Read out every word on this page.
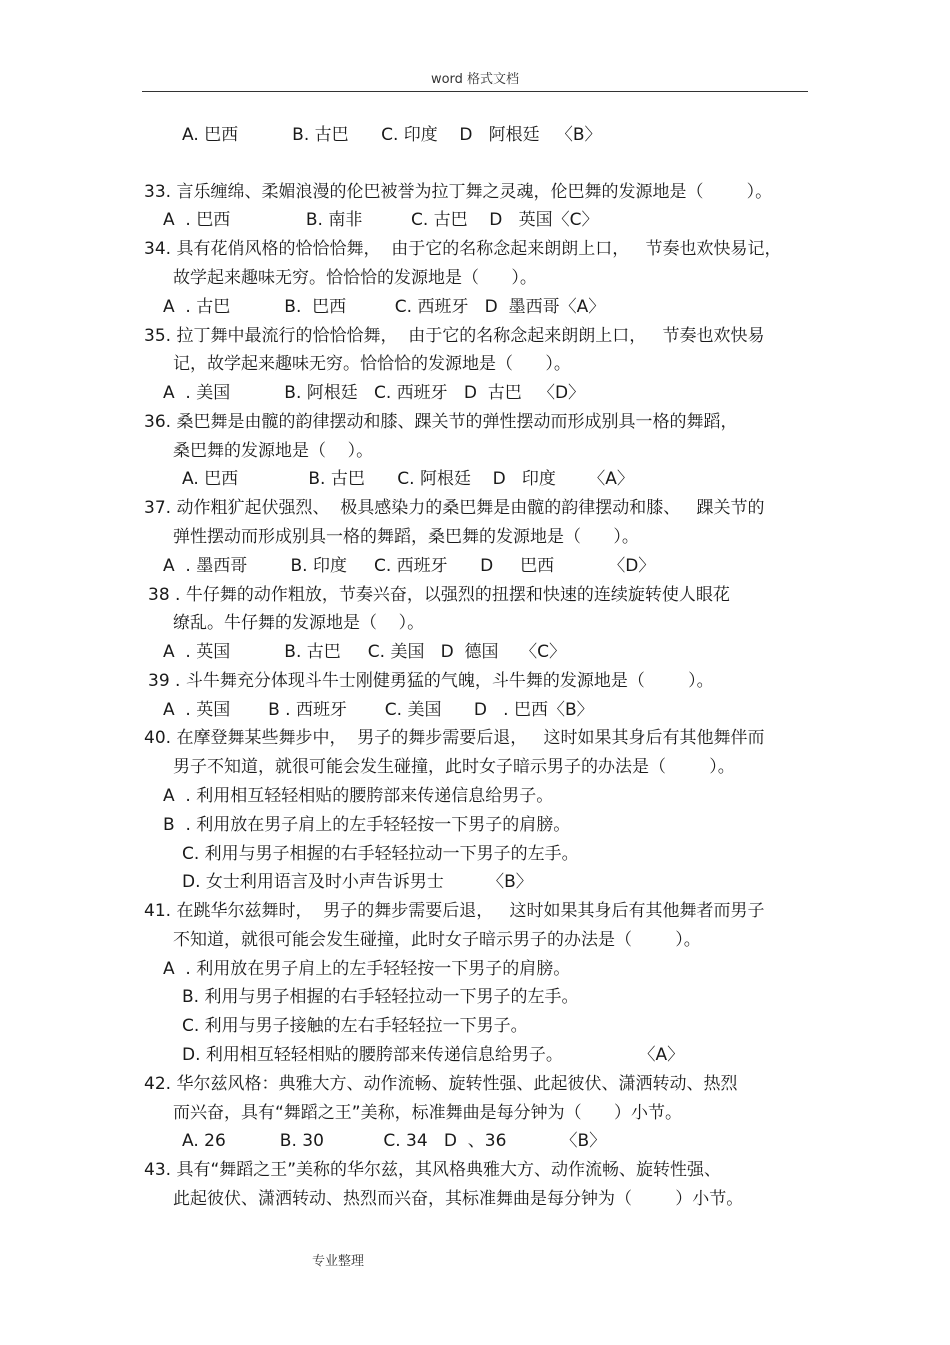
word 格式文档
A. 巴西          B. 古巴      C. 印度    D   阿根廷   〈B〉
33. 言乐缠绵、柔媚浪漫的伦巴被誉为拉丁舞之灵魂，伦巴舞的发源地是（        ）。
A  . 巴西              B. 南非         C. 古巴    D   英国〈C〉
34. 具有花俏风格的恰恰恰舞，  由于它的名称念起来朗朗上口，   节奏也欢快易记，
故学起来趣味无穷。恰恰恰的发源地是（      ）。
A  . 古巴          B.  巴西         C. 西班牙   D  墨西哥〈A〉
35. 拉丁舞中最流行的恰恰恰舞，  由于它的名称念起来朗朗上口，   节奏也欢快易
记，故学起来趣味无穷。恰恰恰的发源地是（      ）。
A  . 美国          B. 阿根廷   C. 西班牙   D  古巴   〈D〉
36. 桑巴舞是由髋的韵律摆动和膝、踝关节的弹性摆动而形成别具一格的舞蹈，
桑巴舞的发源地是（    ）。
A. 巴西             B. 古巴      C. 阿根廷    D   印度      〈A〉
37. 动作粗犷起伏强烈、  极具感染力的桑巴舞是由髋的韵律摆动和膝、   踝关节的
弹性摆动而形成别具一格的舞蹈，桑巴舞的发源地是（      ）。
A  . 墨西哥        B. 印度     C. 西班牙      D     巴西          〈D〉
38 . 牛仔舞的动作粗放，节奏兴奋，以强烈的扭摆和快速的连续旋转使人眼花
缭乱。牛仔舞的发源地是（    ）。
A  . 英国          B. 古巴     C. 美国   D  德国    〈C〉
39 . 斗牛舞充分体现斗牛士刚健勇猛的气魄，斗牛舞的发源地是（        ）。
A  . 英国       B . 西班牙       C. 美国      D   . 巴西〈B〉
40. 在摩登舞某些舞步中，  男子的舞步需要后退，   这时如果其身后有其他舞伴而
男子不知道，就很可能会发生碰撞，此时女子暗示男子的办法是（        ）。
A  . 利用相互轻轻相贴的腰胯部来传递信息给男子。
B  . 利用放在男子肩上的左手轻轻按一下男子的肩膀。
C. 利用与男子相握的右手轻轻拉动一下男子的左手。
D. 女士利用语言及时小声告诉男士        〈B〉
41. 在跳华尔兹舞时，  男子的舞步需要后退，   这时如果其身后有其他舞者而男子
不知道，就很可能会发生碰撞，此时女子暗示男子的办法是（        ）。
A  . 利用放在男子肩上的左手轻轻按一下男子的肩膀。
B. 利用与男子相握的右手轻轻拉动一下男子的左手。
C. 利用与男子接触的左右手轻轻拉一下男子。
D. 利用相互轻轻相贴的腰胯部来传递信息给男子。              〈A〉
42. 华尔兹风格：典雅大方、动作流畅、旋转性强、此起彼伏、潇洒转动、热烈
而兴奋，具有“舞蹈之王”美称，标准舞曲是每分钟为（      ）小节。
A. 26          B. 30           C. 34   D  、36          〈B〉
43. 具有“舞蹈之王”美称的华尔兹，其风格典雅大方、动作流畅、旋转性强、
此起彼伏、潇洒转动、热烈而兴奋，其标准舞曲是每分钟为（        ）小节。
专业整理
